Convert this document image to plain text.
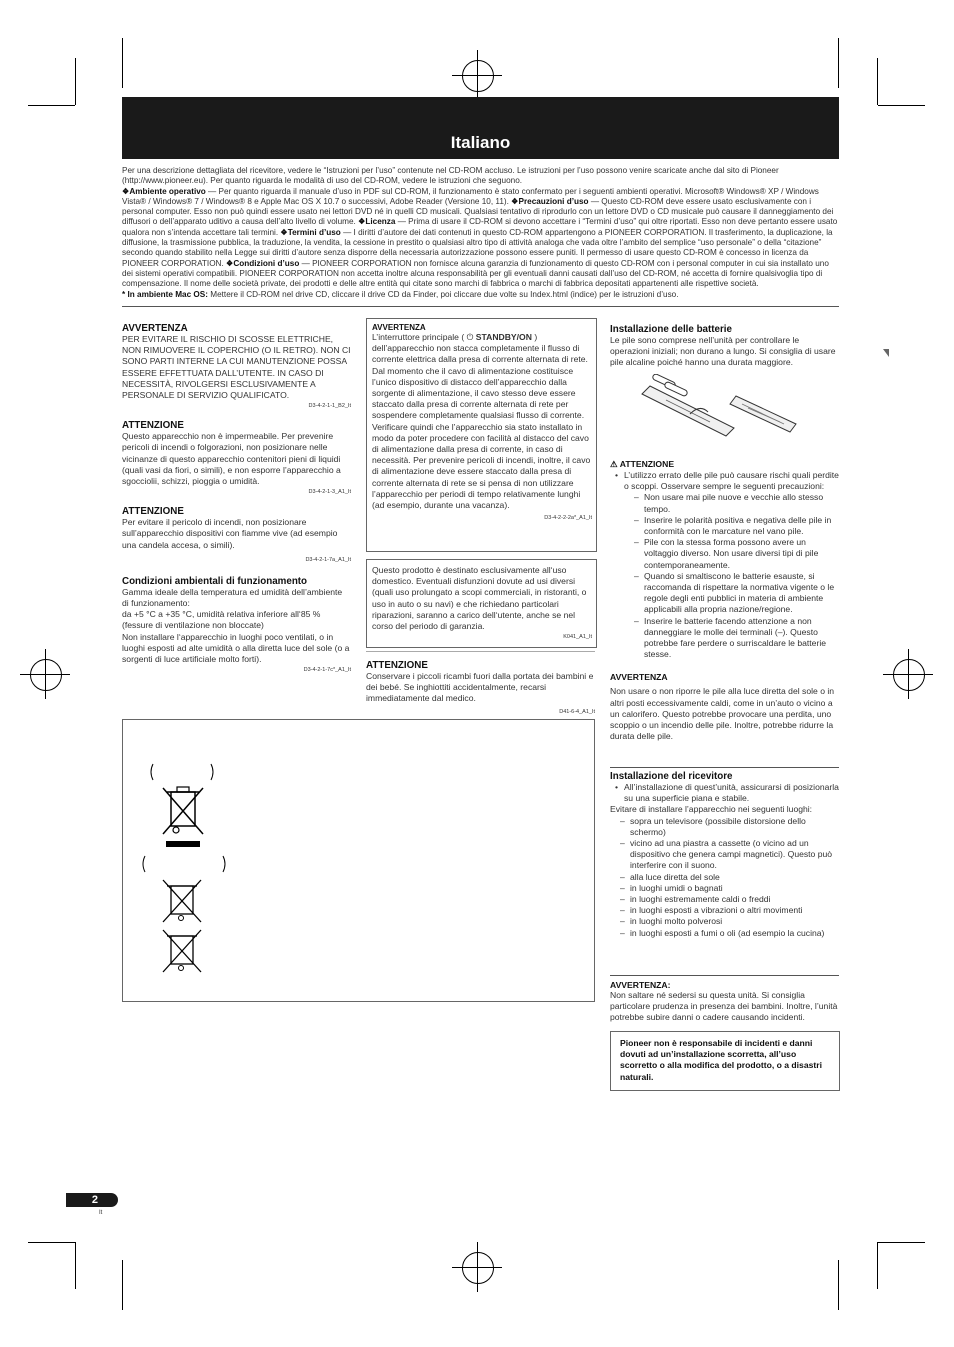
Italiano

Per una descrizione dettagliata del ricevitore, vedere le “Istruzioni per l’uso” contenute nel CD-ROM accluso. Le istruzioni per l’uso possono venire scaricate anche dal sito di Pioneer (http://www.pioneer.eu). Per quanto riguarda le modalità di uso del CD-ROM, vedere le istruzioni che seguono.

❖Ambiente operativo — Per quanto riguarda il manuale d’uso in PDF sul CD-ROM, il funzionamento è stato confermato per i seguenti ambienti operativi. Microsoft® Windows® XP / Windows Vista® / Windows® 7 / Windows® 8 e Apple Mac OS X 10.7 o successivi, Adobe Reader (Versione 10, 11). ❖Precauzioni d’uso — Questo CD-ROM deve essere usato esclusivamente con i personal computer. Esso non può quindi essere usato nei lettori DVD né in quelli CD musicali. Qualsiasi tentativo di riprodurlo con un lettore DVD o CD musicale può causare il danneggiamento dei diffusori o dell’apparato uditivo a causa dell’alto livello di volume. ❖Licenza — Prima di usare il CD-ROM si devono accettare i “Termini d’uso” qui oltre riportati. Esso non deve pertanto essere usato qualora non s’intenda accettare tali termini. ❖Termini d’uso — I diritti d’autore dei dati contenuti in questo CD-ROM appartengono a PIONEER CORPORATION. Il trasferimento, la duplicazione, la diffusione, la trasmissione pubblica, la traduzione, la vendita, la cessione in prestito o qualsiasi altro tipo di attività analoga che vada oltre l’ambito del semplice “uso personale” o della “citazione” secondo quando stabilito nella Legge sui diritti d’autore senza disporre della necessaria autorizzazione possono essere puniti. Il permesso di usare questo CD-ROM è concesso in licenza da PIONEER CORPORATION. ❖Condizioni d’uso — PIONEER CORPORATION non fornisce alcuna garanzia di funzionamento di questo CD-ROM con i personal computer in cui sia installato uno dei sistemi operativi compatibili. PIONEER CORPORATION non accetta inoltre alcuna responsabilità per gli eventuali danni causati dall’uso del CD-ROM, né accetta di fornire qualsivoglia tipo di compensazione. Il nome delle società private, dei prodotti e delle altre entità qui citate sono marchi di fabbrica o marchi di fabbrica depositati appartenenti alle rispettive società.

* In ambiente Mac OS: Mettere il CD-ROM nel drive CD, cliccare il drive CD da Finder, poi cliccare due volte su Index.html (indice) per le istruzioni d’uso.

AVVERTENZA

PER EVITARE IL RISCHIO DI SCOSSE ELETTRICHE, NON RIMUOVERE IL COPERCHIO (O IL RETRO). NON CI SONO PARTI INTERNE LA CUI MANUTENZIONE POSSA ESSERE EFFETTUATA DALL’UTENTE. IN CASO DI NECESSITÀ, RIVOLGERSI ESCLUSIVAMENTE A PERSONALE DI SERVIZIO QUALIFICATO.

D3-4-2-1-1_B2_It

ATTENZIONE

Questo apparecchio non è impermeabile. Per prevenire pericoli di incendi o folgorazioni, non posizionare nelle vicinanze di questo apparecchio contenitori pieni di liquidi (quali vasi da fiori, o simili), e non esporre l’apparecchio a sgocciolii, schizzi, pioggia o umidità.

D3-4-2-1-3_A1_It

ATTENZIONE

Per evitare il pericolo di incendi, non posizionare sull’apparecchio dispositivi con fiamme vive (ad esempio una candela accesa, o simili).

D3-4-2-1-7a_A1_It

Condizioni ambientali di funzionamento

Gamma ideale della temperatura ed umidità dell’ambiente di funzionamento:

da +5 °C a +35 °C, umidità relativa inferiore all‘85 % (fessure di ventilazione non bloccate)

Non installare l‘apparecchio in luoghi poco ventilati, o in luoghi esposti ad alte umidità o alla diretta luce del sole (o a sorgenti di luce artificiale molto forti).

D3-4-2-1-7c*_A1_It

AVVERTENZA

L’interruttore principale ( ⏻ STANDBY/ON ) dell’apparecchio non stacca completamente il flusso di corrente elettrica dalla presa di corrente alternata di rete. Dal momento che il cavo di alimentazione costituisce l’unico dispositivo di distacco dell’apparecchio dalla sorgente di alimentazione, il cavo stesso deve essere staccato dalla presa di corrente alternata di rete per sospendere completamente qualsiasi flusso di corrente. Verificare quindi che l’apparecchio sia stato installato in modo da poter procedere con facilità al distacco del cavo di alimentazione dalla presa di corrente, in caso di necessità. Per prevenire pericoli di incendi, inoltre, il cavo di alimentazione deve essere staccato dalla presa di corrente alternata di rete se si pensa di non utilizzare l’apparecchio per periodi di tempo relativamente lunghi (ad esempio, durante una vacanza).

D3-4-2-2-2a*_A1_It

Questo prodotto è destinato esclusivamente all‘uso domestico. Eventuali disfunzioni dovute ad usi diversi (quali uso prolungato a scopi commerciali, in ristoranti, o uso in auto o su navi) e che richiedano particolari riparazioni, saranno a carico dell‘utente, anche se nel corso del periodo di garanzia.

K041_A1_It

ATTENZIONE

Conservare i piccoli ricambi fuori dalla portata dei bambini e dei bebé. Se inghiottiti accidentalmente, recarsi immediatamente dal medico.

D41-6-4_A1_It

Installazione delle batterie

Le pile sono comprese nell’unità per controllare le operazioni iniziali; non durano a lungo. Si consiglia di usare pile alcaline poiché hanno una durata maggiore.

⚠ ATTENZIONE

• L’utilizzo errato delle pile può causare rischi quali perdite o scoppi. Osservare sempre le seguenti precauzioni:
– Non usare mai pile nuove e vecchie allo stesso tempo.
– Inserire le polarità positiva e negativa delle pile in conformità con le marcature nel vano pile.
– Pile con la stessa forma possono avere un voltaggio diverso. Non usare diversi tipi di pile contemporaneamente.
– Quando si smaltiscono le batterie esauste, si raccomanda di rispettare la normativa vigente o le regole degli enti pubblici in materia di ambiente applicabili alla propria nazione/regione.
– Inserire le batterie facendo attenzione a non danneggiare le molle dei terminali (–). Questo potrebbe fare perdere o surriscaldare le batterie stesse.

AVVERTENZA

Non usare o non riporre le pile alla luce diretta del sole o in altri posti eccessivamente caldi, come in un’auto o vicino a un calorifero. Questo potrebbe provocare una perdita, uno scoppio o un incendio delle pile. Inoltre, potrebbe ridurre la durata delle pile.

Installazione del ricevitore

• All’installazione di quest’unità, assicurarsi di posizionarla su una superficie piana e stabile.

Evitare di installare l’apparecchio nei seguenti luoghi:

– sopra un televisore (possibile distorsione dello schermo)
– vicino ad una piastra a cassette (o vicino ad un dispositivo che genera campi magnetici). Questo può interferire con il suono.
– alla luce diretta del sole
– in luoghi umidi o bagnati
– in luoghi estremamente caldi o freddi
– in luoghi esposti a vibrazioni o altri movimenti
– in luoghi molto polverosi
– in luoghi esposti a fumi o oli (ad esempio la cucina)

AVVERTENZA:

Non saltare né sedersi su questa unità. Si consiglia particolare prudenza in presenza dei bambini. Inoltre, l’unità potrebbe subire danni o cadere causando incidenti.

Pioneer non è responsabile di incidenti e danni dovuti ad un’installazione scorretta, all’uso scorretto o alla modifica del prodotto, o a disastri naturali.

2
It
